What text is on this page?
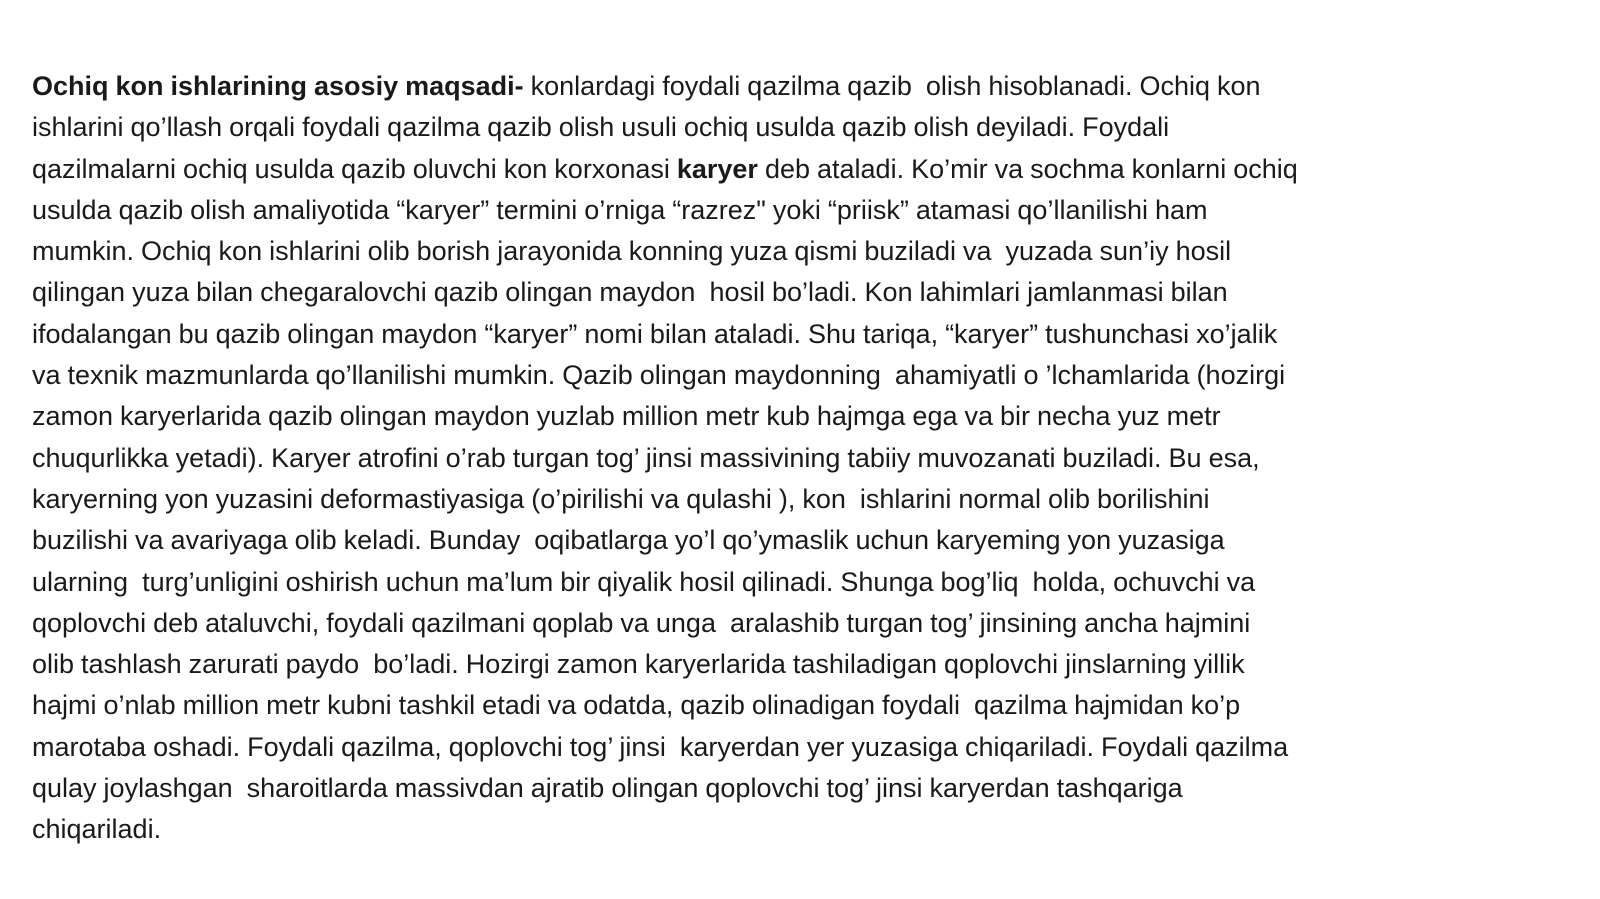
Ochiq kon ishlarining asosiy maqsadi- konlardagi foydali qazilma qazib  olish hisoblanadi. Ochiq kon
ishlarini qo’llash orqali foydali qazilma qazib olish usuli ochiq usulda qazib olish deyiladi. Foydali
qazilmalarni ochiq usulda qazib oluvchi kon korxonasi karyer deb ataladi. Ko’mir va sochma konlarni ochiq
usulda qazib olish amaliyotida “karyer” termini o’rniga “razrez" yoki “priisk” atamasi qo’llanilishi ham
mumkin. Ochiq kon ishlarini olib borish jarayonida konning yuza qismi buziladi va  yuzada sun’iy hosil
qilingan yuza bilan chegaralovchi qazib olingan maydon  hosil bo’ladi. Kon lahimlari jamlanmasi bilan
ifodalangan bu qazib olingan maydon “karyer” nomi bilan ataladi. Shu tariqa, “karyer” tushunchasi xo’jalik
va texnik mazmunlarda qo’llanilishi mumkin. Qazib olingan maydonning  ahamiyatli o ’lchamlarida (hozirgi
zamon karyerlarida qazib olingan maydon yuzlab million metr kub hajmga ega va bir necha yuz metr
chuqurlikka yetadi). Karyer atrofini o’rab turgan tog’ jinsi massivining tabiiy muvozanati buziladi. Bu esa,
karyerning yon yuzasini deformastiyasiga (o’pirilishi va qulashi ), kon  ishlarini normal olib borilishini
buzilishi va avariyaga olib keladi. Bunday  oqibatlarga yo’l qo’ymaslik uchun karyeming yon yuzasiga
ularning  turg’unligini oshirish uchun ma’lum bir qiyalik hosil qilinadi. Shunga bog’liq  holda, ochuvchi va
qoplovchi deb ataluvchi, foydali qazilmani qoplab va unga  aralashib turgan tog’ jinsining ancha hajmini
olib tashlash zarurati paydo  bo’ladi. Hozirgi zamon karyerlarida tashiladigan qoplovchi jinslarning yillik
hajmi o’nlab million metr kubni tashkil etadi va odatda, qazib olinadigan foydali  qazilma hajmidan ko’p
marotaba oshadi. Foydali qazilma, qoplovchi tog’ jinsi  karyerdan yer yuzasiga chiqariladi. Foydali qazilma
qulay joylashgan  sharoitlarda massivdan ajratib olingan qoplovchi tog’ jinsi karyerdan tashqariga
chiqariladi.
